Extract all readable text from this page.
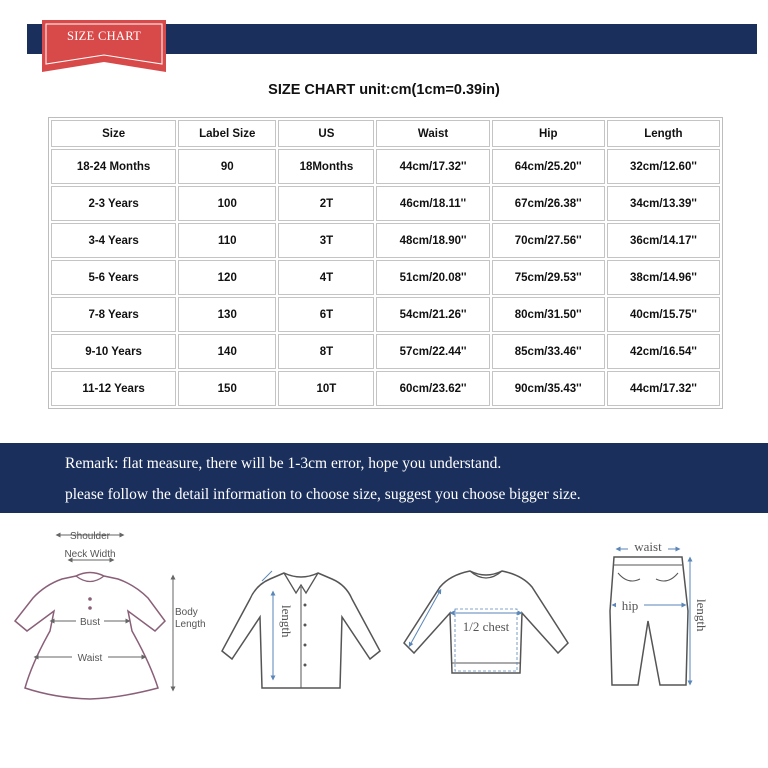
SIZE CHART
SIZE CHART unit:cm(1cm=0.39in)
Size	Label Size	US	Waist	Hip	Length
18-24 Months	90	18Months	44cm/17.32''	64cm/25.20''	32cm/12.60''
2-3 Years	100	2T	46cm/18.11''	67cm/26.38''	34cm/13.39''
3-4 Years	110	3T	48cm/18.90''	70cm/27.56''	36cm/14.17''
5-6 Years	120	4T	51cm/20.08''	75cm/29.53''	38cm/14.96''
7-8 Years	130	6T	54cm/21.26''	80cm/31.50''	40cm/15.75''
9-10 Years	140	8T	57cm/22.44''	85cm/33.46''	42cm/16.54''
11-12 Years	150	10T	60cm/23.62''	90cm/35.43''	44cm/17.32''
Remark: flat measure, there will be 1-3cm error, hope you understand.
please follow the detail information to choose size, suggest you choose bigger size.
Shoulder
Neck Width
Body
Length
Bust
Waist
length	1/2 chest
waist
hip	length
